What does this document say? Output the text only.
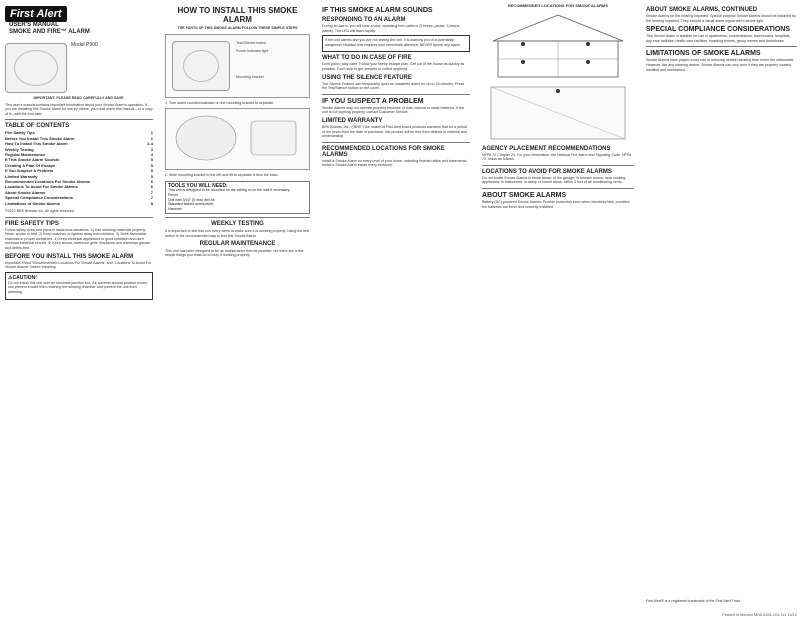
First Alert USER'S MANUAL
SMOKE AND FIRE™ ALARM
Model P900
IMPORTANT: PLEASE READ CAREFULLY AND SAVE.
This user's manual contains important information about your Smoke Alarm's operation. If you are installing this Smoke Alarm for use by others, you must leave this manual—or a copy of it—with the end user.
TABLE OF CONTENTS
Fire Safety Tips	1
Before You Install This Smoke Alarm	1
How To Install This Smoke Alarm	2-4
Weekly Testing	3
Regular Maintenance	4
If This Smoke Alarm Sounds	5
Creating A Plan Of Escape	5
If You Suspect A Problem	5
Limited Warranty	5
Recommended Locations For Smoke Alarms	6
Locations To Avoid For Smoke Alarms	6
About Smoke Alarms	7
Special Compliance Considerations	7
Limitations of Smoke Alarms	8
©2012 BRK Brands, Inc. All rights reserved.
FIRE SAFETY TIPS
Follow safety rules and prevent hazardous situations: 1) Use smoking materials properly. Never smoke in bed. 2) Keep matches or lighters away from children. 3) Store flammable materials in proper containers. 4) Keep electrical appliances in good condition and don't overload electrical circuits. 5) Keep stoves, barbecue grills, fireplaces and chimneys grease- and debris-free.
BEFORE YOU INSTALL THIS SMOKE ALARM
Important! Read "Recommended Locations For Smoke Alarms" and "Locations To Avoid For Smoke Alarms" before installing.
⚠CAUTION!
Do not install this unit over an electrical junction box. Air currents around junction boxes can prevent smoke from reaching the sensing chamber and prevent the unit from alarming.
HOW TO INSTALL THIS SMOKE ALARM
THE PARTS OF THIS SMOKE ALARM FOLLOW THESE SIMPLE STEPS
Test/Silence button
Power indicator light
Mounting bracket
1. Turn alarm counterclockwise on the mounting bracket to separate.
2. Slide mounting bracket to the left and lift to separate it from the base.
TOOLS YOU WILL NEED:
This unit is designed to be mounted on the ceiling or on the wall if necessary.
Pencil
Drill with 3/16" (5 mm) drill bit
Standard flatbed screwdriver
Hammer
WEEKLY TESTING
It is important to test this unit every week to make sure it is working properly. Using the test button is the recommended way to test this Smoke Alarm.
REGULAR MAINTENANCE
This unit has been designed to be as maintenance free as possible, but there are a few simple things you must do to keep it working properly.
IF THIS SMOKE ALARM SOUNDS
RESPONDING TO AN ALARM
During an alarm, you will hear a loud, repeating horn pattern (3 beeps, pause, 3 beeps, pause). The LED will flash rapidly.
If the unit alarms and you are not testing the unit, it is warning you of a potentially dangerous situation that requires your immediate attention. NEVER ignore any alarm.
WHAT TO DO IN CASE OF FIRE
Don't panic; stay calm. Follow your family escape plan. Get out of the house as quickly as possible. Don't stop to get dressed or collect anything.
USING THE SILENCE FEATURE
The Silence Feature can temporarily quiet an unwanted alarm for up to 15 minutes. Press the Test/Silence button on the cover.
IF YOU SUSPECT A PROBLEM
Smoke Alarms may not operate properly because of dust, misuse or weak batteries. If the unit is not working properly, contact Customer Service.
LIMITED WARRANTY
BRK Brands, Inc., ("BRK") the maker of First Alert brand products warrants that for a period of ten years from the date of purchase, this product will be free from defects in material and workmanship.
RECOMMENDED LOCATIONS FOR SMOKE ALARMS
Install a Smoke Alarm on every level of your home, including finished attics and basements. Install a Smoke Alarm inside every bedroom.
RECOMMENDED LOCATIONS FOR SMOKE ALARMS
AGENCY PLACEMENT RECOMMENDATIONS
NFPA 72 Chapter 29. For your information, the National Fire Alarm and Signaling Code, NFPA 72, reads as follows.
LOCATIONS TO AVOID FOR SMOKE ALARMS
Do not locate Smoke Alarms in these areas: In the garage; in furnace rooms; near cooking appliances; in bathrooms; in damp or humid areas; within 3 feet of air conditioning vents.
ABOUT SMOKE ALARMS
Battery (DC) powered Smoke Alarms: Provide protection even when electricity fails, provided the batteries are fresh and correctly installed.
ABOUT SMOKE ALARMS, CONTINUED
Smoke Alarms for the hearing impaired: Special purpose Smoke Alarms should be installed for the hearing impaired. They include a visual alarm signal and a strobe light.
SPECIAL COMPLIANCE CONSIDERATIONS
This Smoke Alarm is suitable for use in apartments, condominiums, townhouses, hospitals, day care facilities, health care facilities, boarding homes, group homes and dormitories.
LIMITATIONS OF SMOKE ALARMS
Smoke Alarms have played a key role in reducing deaths resulting from home fire nationwide. However, like any warning device, Smoke Alarms can only work if they are properly located, installed and maintained.
First Alert® is a registered trademark of the First Alert Trust.
Printed in Mexico M08-0351-001 N1 11/12
